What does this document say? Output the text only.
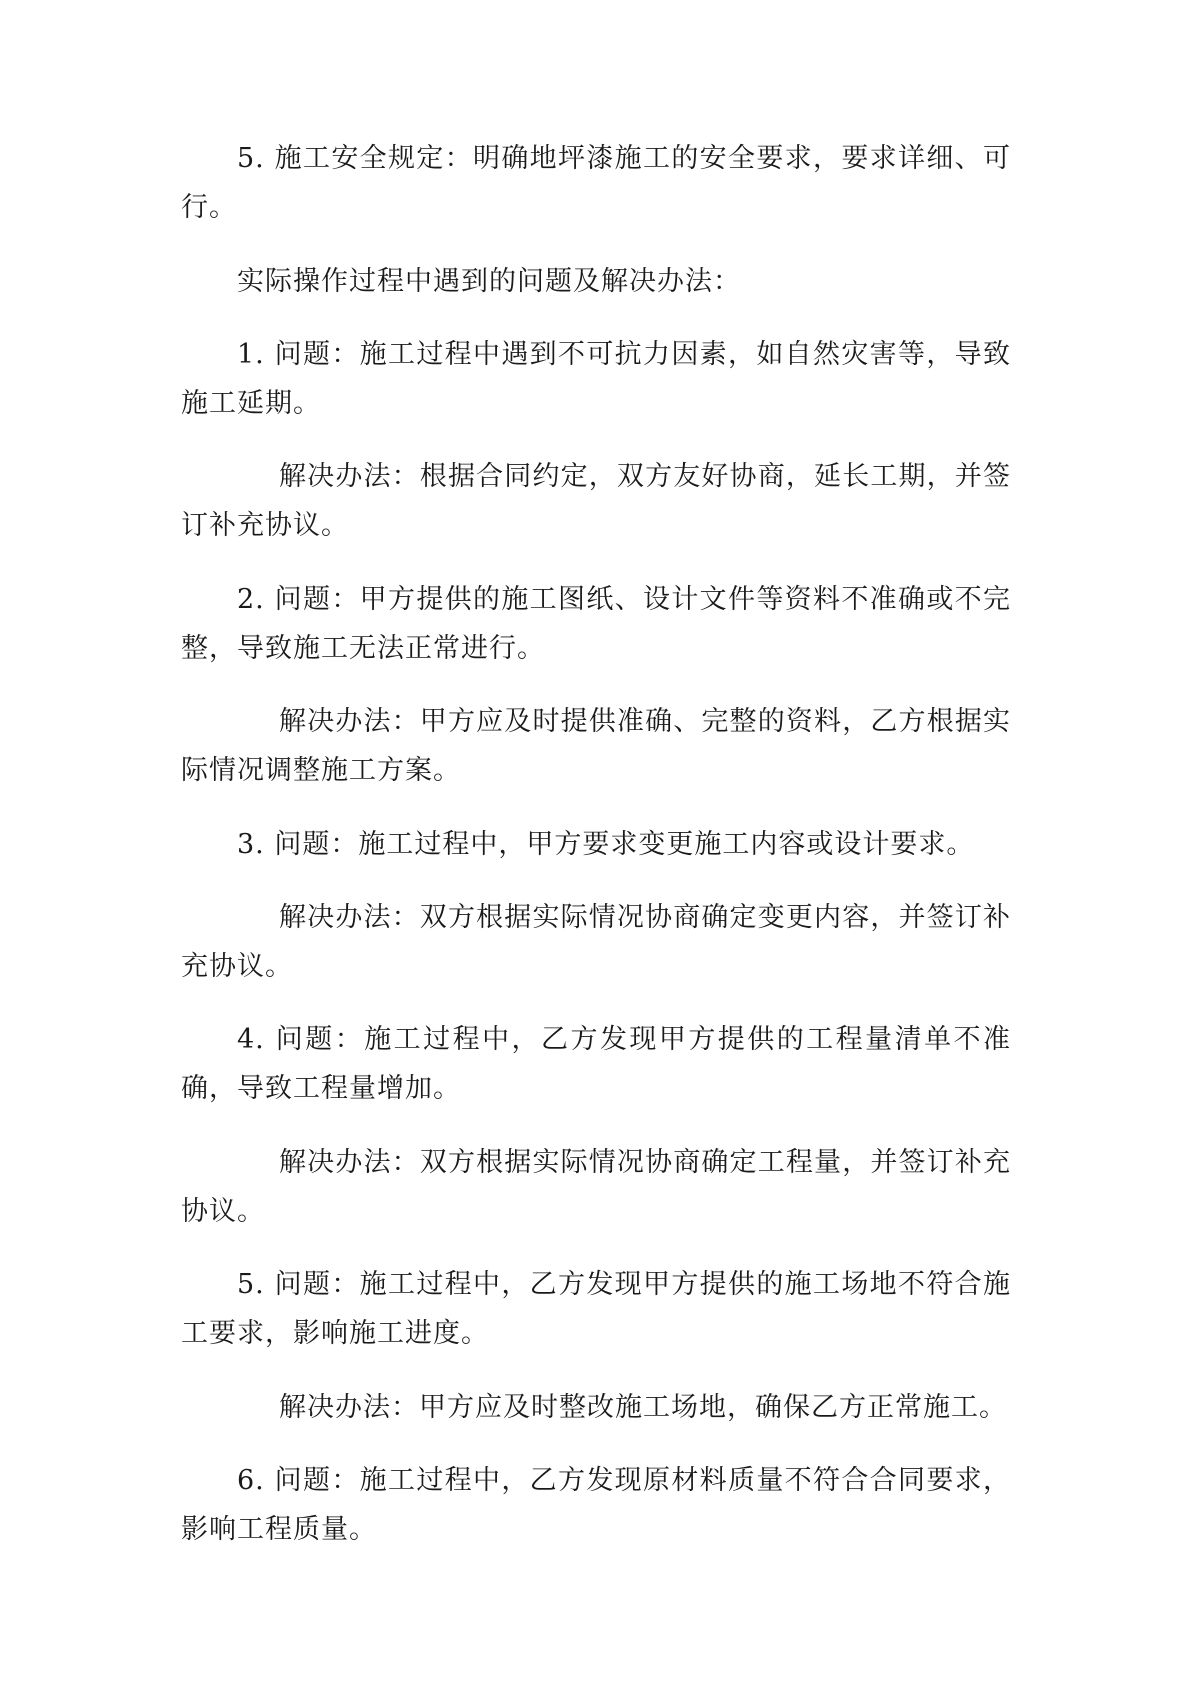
5. 施工安全规定：明确地坪漆施工的安全要求，要求详细、可行。

实际操作过程中遇到的问题及解决办法：

1. 问题：施工过程中遇到不可抗力因素，如自然灾害等，导致施工延期。

解决办法：根据合同约定，双方友好协商，延长工期，并签订补充协议。

2. 问题：甲方提供的施工图纸、设计文件等资料不准确或不完整，导致施工无法正常进行。

解决办法：甲方应及时提供准确、完整的资料，乙方根据实际情况调整施工方案。

3. 问题：施工过程中，甲方要求变更施工内容或设计要求。

解决办法：双方根据实际情况协商确定变更内容，并签订补充协议。

4. 问题：施工过程中，乙方发现甲方提供的工程量清单不准确，导致工程量增加。

解决办法：双方根据实际情况协商确定工程量，并签订补充协议。

5. 问题：施工过程中，乙方发现甲方提供的施工场地不符合施工要求，影响施工进度。

解决办法：甲方应及时整改施工场地，确保乙方正常施工。

6. 问题：施工过程中，乙方发现原材料质量不符合合同要求，影响工程质量。
